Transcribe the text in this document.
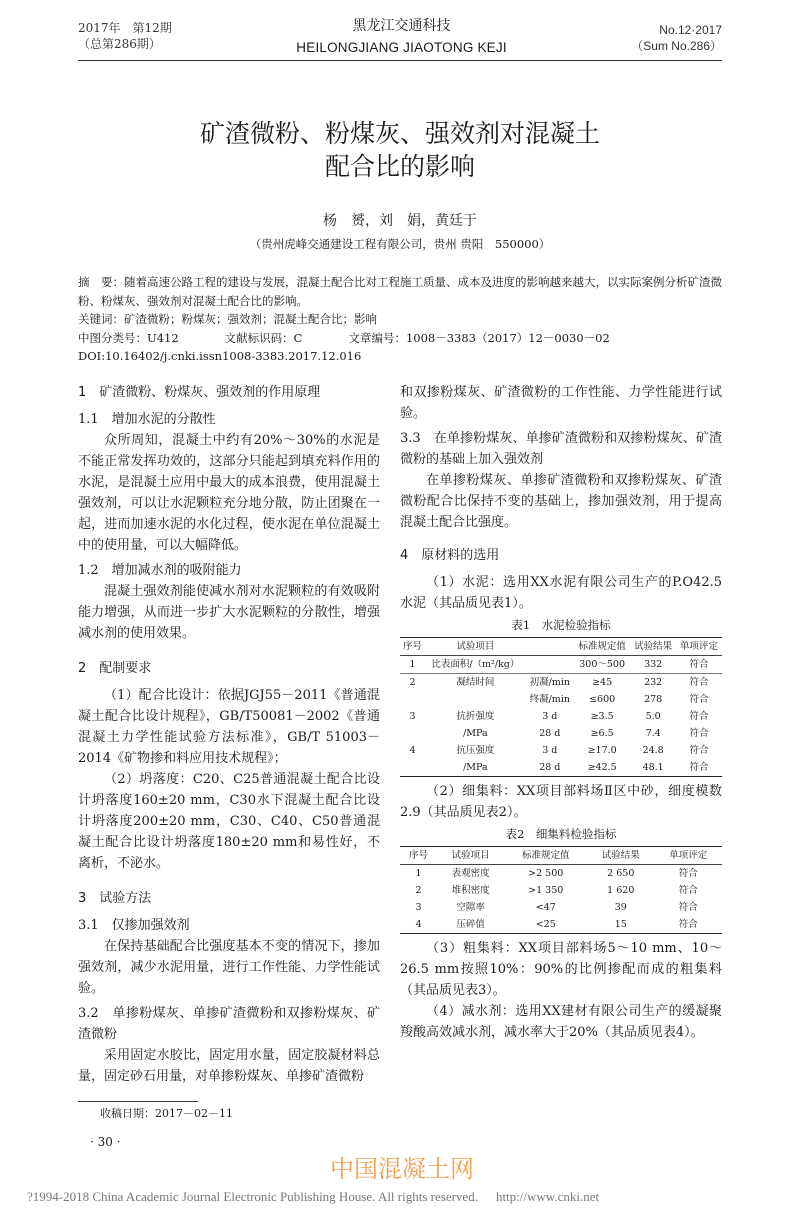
2017年　第12期
（总第286期）
黑龙江交通科技
HEILONGJIANG JIAOTONG KEJI
No.12·2017
（Sum No.286）
矿渣微粉、粉煤灰、强效剂对混凝土
配合比的影响
杨　赟，刘　娟，黄廷于
（贵州虎峰交通建设工程有限公司，贵州 贵阳　550000）
摘　要：随着高速公路工程的建设与发展，混凝土配合比对工程施工质量、成本及进度的影响越来越大，以实际案例分析矿渣微粉、粉煤灰、强效剂对混凝土配合比的影响。
关键词：矿渣微粉；粉煤灰；强效剂；混凝土配合比；影响
中图分类号：U412	文献标识码：C	文章编号：1008－3383（2017）12－0030－02
DOI:10.16402/j.cnki.issn1008-3383.2017.12.016
1　矿渣微粉、粉煤灰、强效剂的作用原理
1.1　增加水泥的分散性

众所周知，混凝土中约有20%～30%的水泥是不能正常发挥功效的，这部分只能起到填充料作用的水泥，是混凝土应用中最大的成本浪费，使用混凝土强效剂，可以让水泥颗粒充分地分散，防止团聚在一起，进而加速水泥的水化过程，使水泥在单位混凝土中的使用量，可以大幅降低。

1.2　增加减水剂的吸附能力

混凝土强效剂能使减水剂对水泥颗粒的有效吸附能力增强，从而进一步扩大水泥颗粒的分散性，增强减水剂的使用效果。

2　配制要求

（1）配合比设计：依据JGJ55－2011《普通混凝土配合比设计规程》，GB/T50081－2002《普通混凝土力学性能试验方法标准》，GB/T 51003－2014《矿物掺和料应用技术规程》；

（2）坍落度：C20、C25普通混凝土配合比设计坍落度160±20 mm，C30水下混凝土配合比设计坍落度200±20 mm，C30、C40、C50普通混凝土配合比设计坍落度180±20 mm和易性好，不离析，不泌水。

3　试验方法
3.1　仅掺加强效剂

在保持基础配合比强度基本不变的情况下，掺加强效剂，减少水泥用量，进行工作性能、力学性能试验。

3.2　单掺粉煤灰、单掺矿渣微粉和双掺粉煤灰、矿渣微粉

采用固定水胶比，固定用水量，固定胶凝材料总量，固定砂石用量，对单掺粉煤灰、单掺矿渣微粉

和双掺粉煤灰、矿渣微粉的工作性能、力学性能进行试验。

3.3　在单掺粉煤灰、单掺矿渣微粉和双掺粉煤灰、矿渣微粉的基础上加入强效剂

在单掺粉煤灰、单掺矿渣微粉和双掺粉煤灰、矿渣微粉配合比保持不变的基础上，掺加强效剂，用于提高混凝土配合比强度。

4　原材料的选用

（1）水泥：选用XX水泥有限公司生产的P.O42.5水泥（其品质见表1）。

表1　水泥检验指标
序号	试验项目		标准规定值	试验结果	单项评定
1	比表面积/（m²/kg）		300～500	332	符合
2	凝结时间	初凝/min	≥45	232	符合
		终凝/min	≤600	278	符合
3	抗折强度	3 d	≥3.5	5.0	符合
	/MPa	28 d	≥6.5	7.4	符合
4	抗压强度	3 d	≥17.0	24.8	符合
	/MPa	28 d	≥42.5	48.1	符合

（2）细集料：XX项目部料场Ⅱ区中砂，细度模数2.9（其品质见表2）。

表2　细集料检验指标
序号	试验项目	标准规定值	试验结果	单项评定
1	表观密度	>2 500	2 650	符合
2	堆积密度	>1 350	1 620	符合
3	空隙率	<47	39	符合
4	压碎值	<25	15	符合

（3）粗集料：XX项目部料场5～10 mm、10～26.5 mm按照10%：90%的比例掺配而成的粗集料（其品质见表3）。

（4）减水剂：选用XX建材有限公司生产的缓凝聚羧酸高效减水剂，减水率大于20%（其品质见表4）。

收稿日期：2017－02－11
· 30 ·
中国混凝土网
?1994-2018 China Academic Journal Electronic Publishing House. All rights reserved. http://www.cnki.net
